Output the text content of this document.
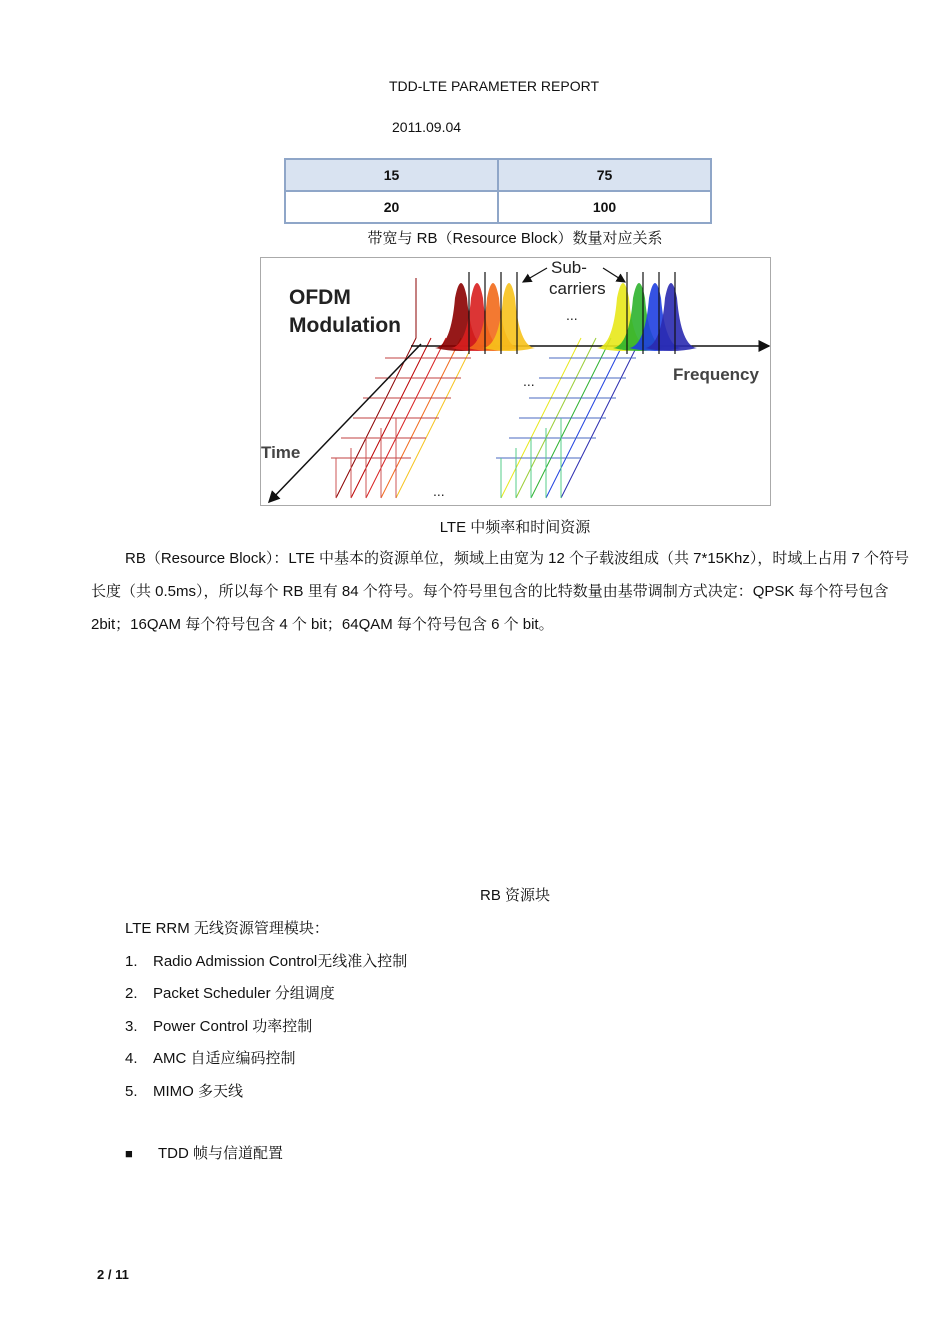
TDD-LTE PARAMETER REPORT
2011.09.04
15	75
20	100
带宽与 RB（Resource Block）数量对应关系
OFDM
Modulation
Sub-
carriers
Frequency
Time
...
...
...
LTE 中频率和时间资源
RB（Resource Block）：LTE 中基本的资源单位，频域上由宽为 12 个子载波组成（共 7*15Khz），时域上占用 7 个符号长度（共 0.5ms），所以每个 RB 里有 84 个符号。每个符号里包含的比特数量由基带调制方式决定：QPSK 每个符号包含 2bit；16QAM 每个符号包含 4 个 bit；64QAM 每个符号包含 6 个 bit。
RB 资源块
LTE RRM 无线资源管理模块：
1. Radio Admission Control无线准入控制
2. Packet Scheduler 分组调度
3. Power Control 功率控制
4. AMC 自适应编码控制
5. MIMO 多天线
■ TDD 帧与信道配置
2 / 11
